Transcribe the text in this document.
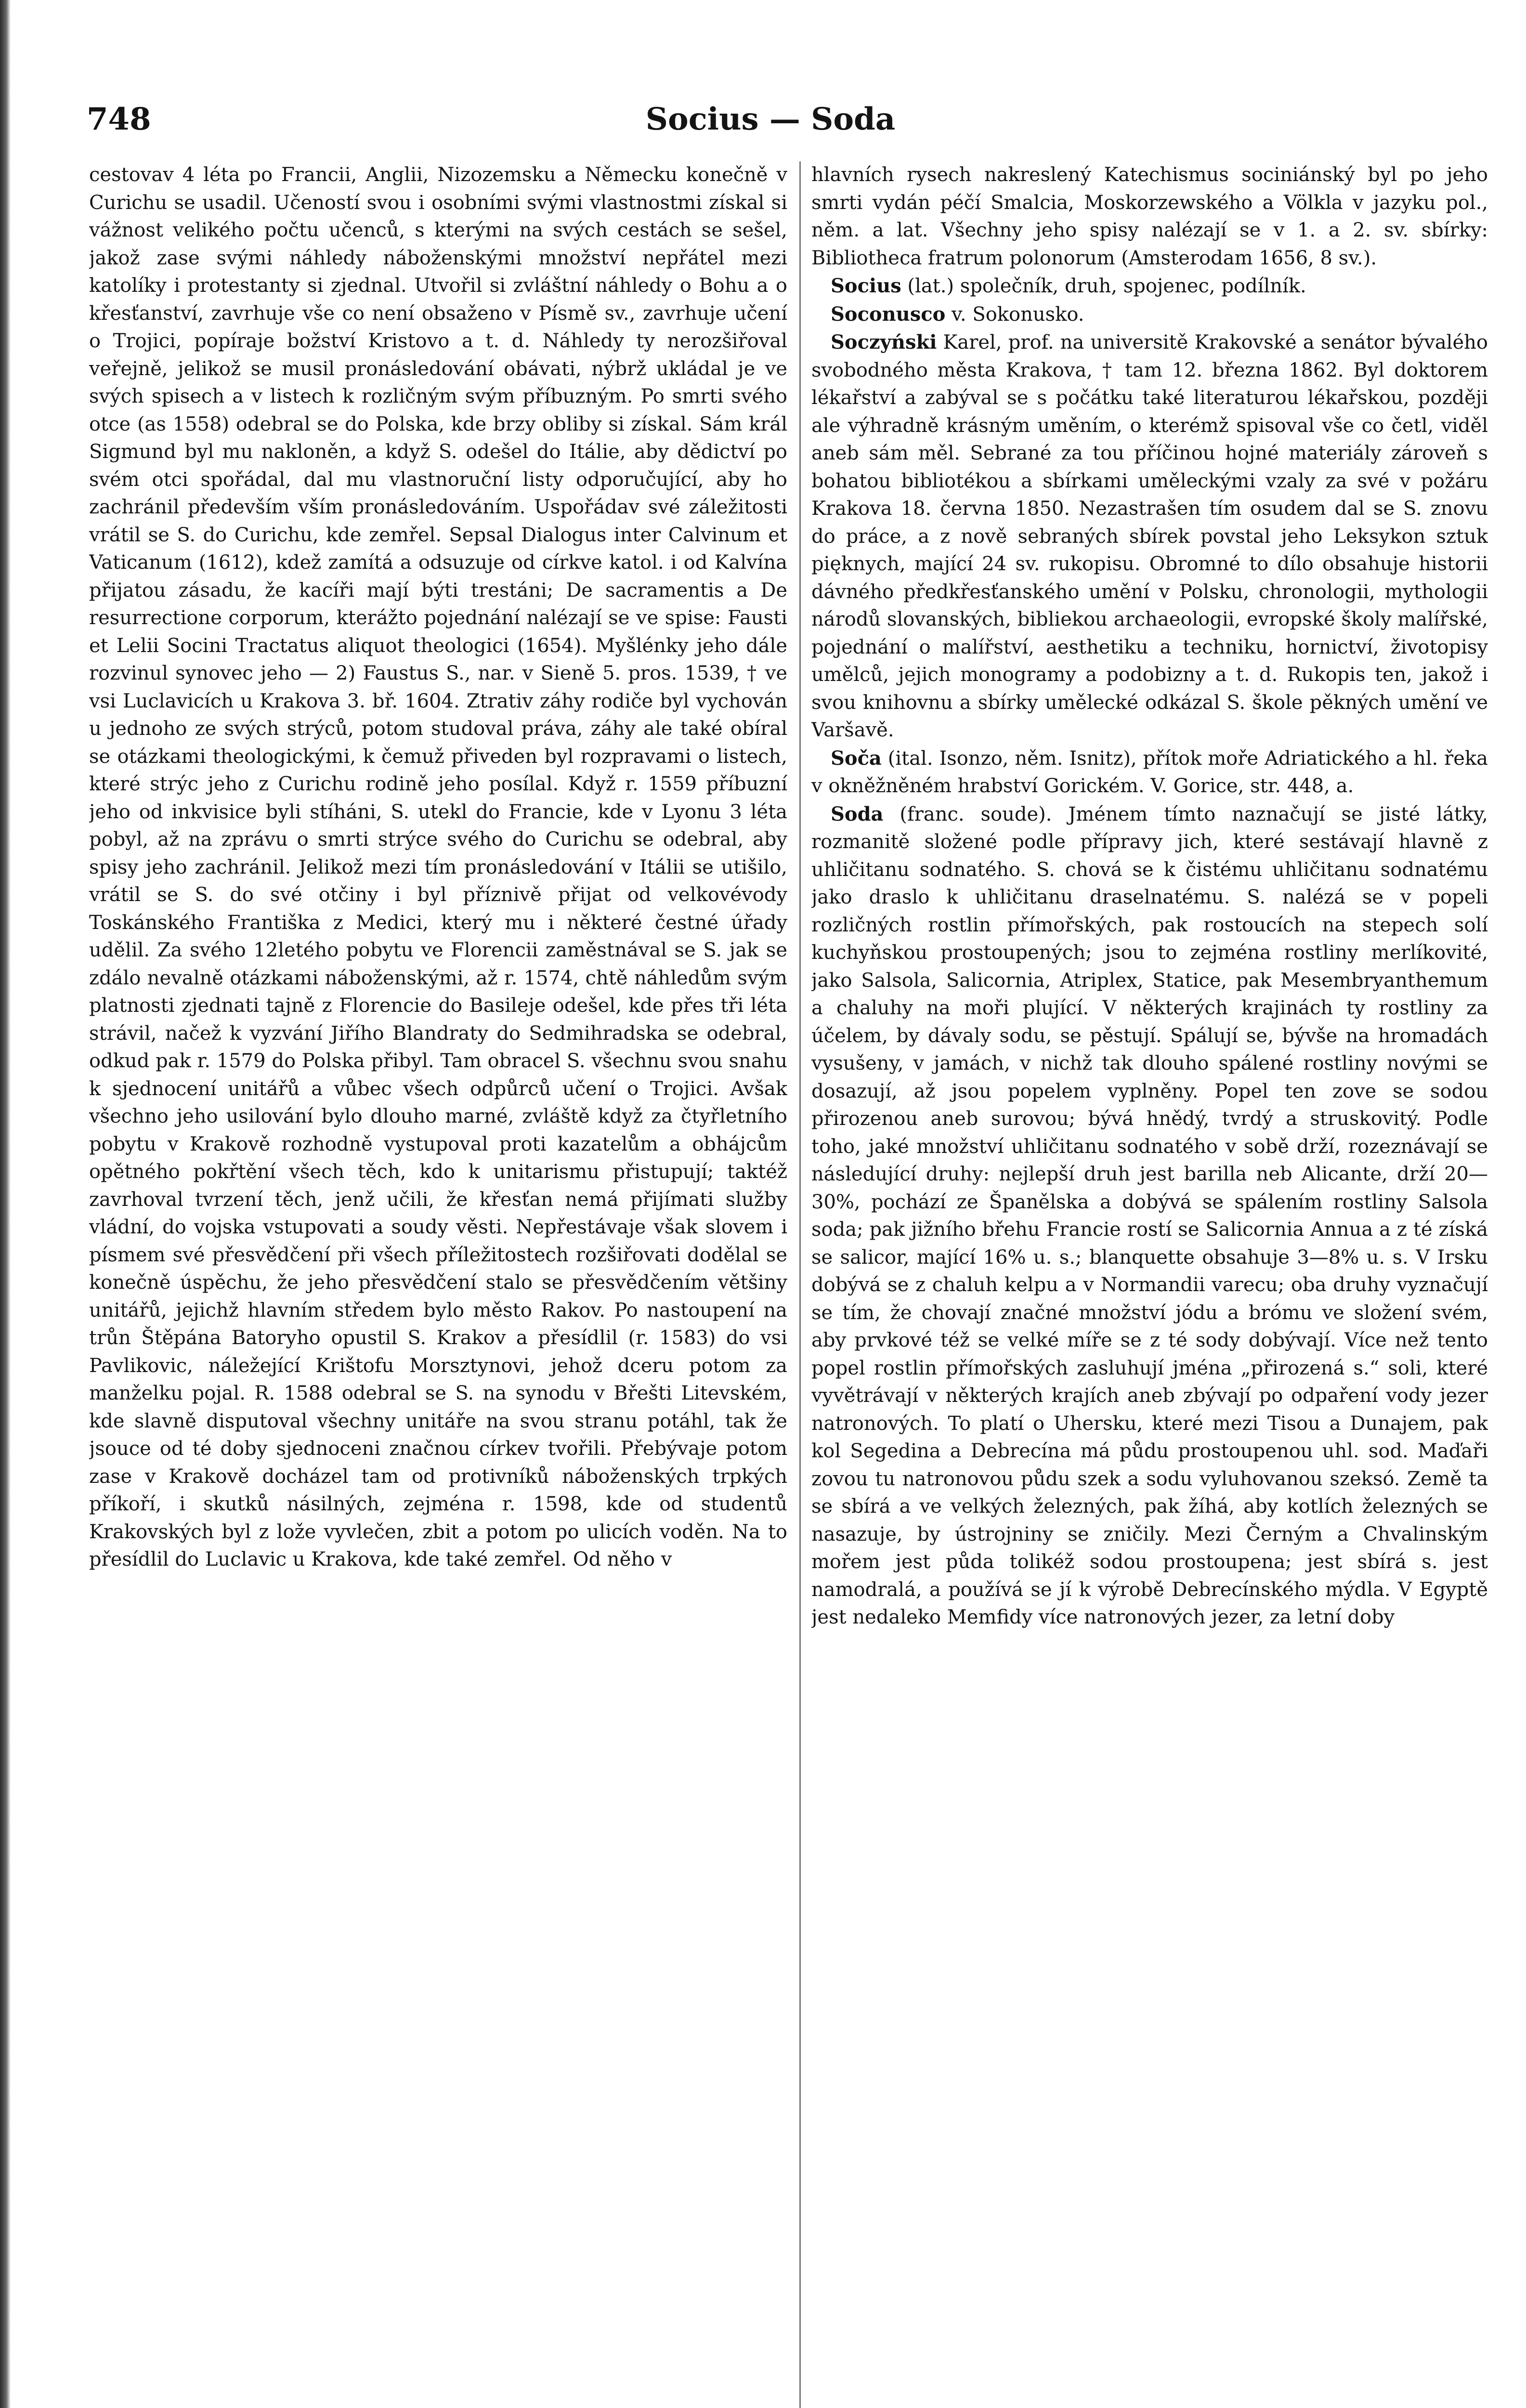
748	Socius — Soda

cestovav 4 léta po Francii, Anglii, Nizozemsku a Německu konečně v Curichu se usadil. Učeností svou i osobními svými vlastnostmi získal si vážnost velikého počtu učenců, s kterými na svých cestách se sešel, jakož zase svými náhledy náboženskými množství nepřátel mezi katolíky i protestanty si zjednal. Utvořil si zvláštní náhledy o Bohu a o křesťanství, zavrhuje vše co není obsaženo v Písmě sv., zavrhuje učení o Trojici, popíraje božství Kristovo a t. d. Náhledy ty nerozšiřoval veřejně, jelikož se musil pronásledování obávati, nýbrž ukládal je ve svých spisech a v listech k rozličným svým příbuzným. Po smrti svého otce (as 1558) odebral se do Polska, kde brzy obliby si získal. Sám král Sigmund byl mu nakloněn, a když S. odešel do Itálie, aby dědictví po svém otci spořádal, dal mu vlastnoruční listy odporučující, aby ho zachránil především vším pronásledováním. Uspořádav své záležitosti vrátil se S. do Curichu, kde zemřel. Sepsal Dialogus inter Calvinum et Vaticanum (1612), kdež zamítá a odsuzuje od církve katol. i od Kalvína přijatou zásadu, že kacíři mají býti trestáni; De sacramentis a De resurrectione corporum, kterážto pojednání nalézají se ve spise: Fausti et Lelii Socini Tractatus aliquot theologici (1654). Myšlénky jeho dále rozvinul synovec jeho — 2) Faustus S., nar. v Sieně 5. pros. 1539, † ve vsi Luclavicích u Krakova 3. bř. 1604. Ztrativ záhy rodiče byl vychován u jednoho ze svých strýců, potom studoval práva, záhy ale také obíral se otázkami theologickými, k čemuž přiveden byl rozpravami o listech, které strýc jeho z Curichu rodině jeho posílal. Když r. 1559 příbuzní jeho od inkvisice byli stíháni, S. utekl do Francie, kde v Lyonu 3 léta pobyl, až na zprávu o smrti strýce svého do Curichu se odebral, aby spisy jeho zachránil. Jelikož mezi tím pronásledování v Itálii se utišilo, vrátil se S. do své otčiny i byl příznivě přijat od velkovévody Toskánského Františka z Medici, který mu i některé čestné úřady udělil. Za svého 12letého pobytu ve Florencii zaměstnával se S. jak se zdálo nevalně otázkami náboženskými, až r. 1574, chtě náhledům svým platnosti zjednati tajně z Florencie do Basileje odešel, kde přes tři léta strávil, načež k vyzvání Jiřího Blandraty do Sedmihradska se odebral, odkud pak r. 1579 do Polska přibyl. Tam obracel S. všechnu svou snahu k sjednocení unitářů a vůbec všech odpůrců učení o Trojici. Avšak všechno jeho usilování bylo dlouho marné, zvláště když za čtyřletního pobytu v Krakově rozhodně vystupoval proti kazatelům a obhájcům opětného pokřtění všech těch, kdo k unitarismu přistupují; taktéž zavrhoval tvrzení těch, jenž učili, že křesťan nemá přijímati služby vládní, do vojska vstupovati a soudy věsti. Nepřestávaje však slovem i písmem své přesvědčení při všech příležitostech rozšiřovati dodělal se konečně úspěchu, že jeho přesvědčení stalo se přesvědčením většiny unitářů, jejichž hlavním středem bylo město Rakov. Po nastoupení na trůn Štěpána Batoryho opustil S. Krakov a přesídlil (r. 1583) do vsi Pavlikovic, náležející Krištofu Morsztynovi, jehož dceru potom za manželku pojal. R. 1588 odebral se S. na synodu v Břešti Litevském, kde slavně disputoval všechny unitáře na svou stranu potáhl, tak že jsouce od té doby sjednoceni značnou církev tvořili. Přebývaje potom zase v Krakově docházel tam od protivníků náboženských trpkých příkoří, i skutků násilných, zejména r. 1598, kde od studentů Krakovských byl z lože vyvlečen, zbit a potom po ulicích voděn. Na to přesídlil do Luclavic u Krakova, kde také zemřel. Od něho v

hlavních rysech nakreslený Katechismus sociniánský byl po jeho smrti vydán péčí Smalcia, Moskorzewského a Völkla v jazyku pol., něm. a lat. Všechny jeho spisy nalézají se v 1. a 2. sv. sbírky: Bibliotheca fratrum polonorum (Amsterodam 1656, 8 sv.).

Socius (lat.) společník, druh, spojenec, podílník.

Soconusco v. Sokonusko.

Soczyński Karel, prof. na universitě Krakovské a senátor bývalého svobodného města Krakova, † tam 12. března 1862. Byl doktorem lékařství a zabýval se s počátku také literaturou lékařskou, později ale výhradně krásným uměním, o kterémž spisoval vše co četl, viděl aneb sám měl. Sebrané za tou příčinou hojné materiály zároveň s bohatou bibliotékou a sbírkami uměleckými vzaly za své v požáru Krakova 18. června 1850. Nezastrašen tím osudem dal se S. znovu do práce, a z nově sebraných sbírek povstal jeho Leksykon sztuk pięknych, mající 24 sv. rukopisu. Obromné to dílo obsahuje historii dávného předkřesťanského umění v Polsku, chronologii, mythologii národů slovanských, bibliekou archaeologii, evropské školy malířské, pojednání o malířství, aesthetiku a techniku, hornictví, životopisy umělců, jejich monogramy a podobizny a t. d. Rukopis ten, jakož i svou knihovnu a sbírky umělecké odkázal S. škole pěkných umění ve Varšavě.

Soča (ital. Isonzo, něm. Isnitz), přítok moře Adriatického a hl. řeka v okněžněném hrabství Gorickém. V. Gorice, str. 448, a.

Soda (franc. soude). Jménem tímto naznačují se jisté látky, rozmanitě složené podle přípravy jich, které sestávají hlavně z uhličitanu sodnatého. S. chová se k čistému uhličitanu sodnatému jako draslo k uhličitanu draselnatému. S. nalézá se v popeli rozličných rostlin přímořských, pak rostoucích na stepech solí kuchyňskou prostoupených; jsou to zejména rostliny merlíkovité, jako Salsola, Salicornia, Atriplex, Statice, pak Mesembryanthemum a chaluhy na moři plující. V některých krajinách ty rostliny za účelem, by dávaly sodu, se pěstují. Spálují se, bývše na hromadách vysušeny, v jamách, v nichž tak dlouho spálené rostliny novými se dosazují, až jsou popelem vyplněny. Popel ten zove se sodou přirozenou aneb surovou; bývá hnědý, tvrdý a struskovitý. Podle toho, jaké množství uhličitanu sodnatého v sobě drží, rozeznávají se následující druhy: nejlepší druh jest barilla neb Alicante, drží 20—30%, pochází ze Španělska a dobývá se spálením rostliny Salsola soda; pak jižního břehu Francie rostí se Salicornia Annua a z té získá se salicor, mající 16% u. s.; blanquette obsahuje 3—8% u. s. V Irsku dobývá se z chaluh kelpu a v Normandii varecu; oba druhy vyznačují se tím, že chovají značné množství jódu a brómu ve složení svém, aby prvkové též se velké míře se z té sody dobývají. Více než tento popel rostlin přímořských zasluhují jména „přirozená s.“ soli, které vyvětrávají v některých krajích aneb zbývají po odpaření vody jezer natronových. To platí o Uhersku, které mezi Tisou a Dunajem, pak kol Segedina a Debrecína má půdu prostoupenou uhl. sod. Maďaři zovou tu natronovou půdu szek a sodu vyluhovanou szeksó. Země ta se sbírá a ve velkých železných, pak žíhá, aby kotlích železných se nasazuje, by ústrojniny se zničily. Mezi Černým a Chvalinským mořem jest půda tolikéž sodou prostoupena; jest sbírá s. jest namodralá, a používá se jí k výrobě Debrecínského mýdla. V Egyptě jest nedaleko Memfidy více natronových jezer, za letní doby
